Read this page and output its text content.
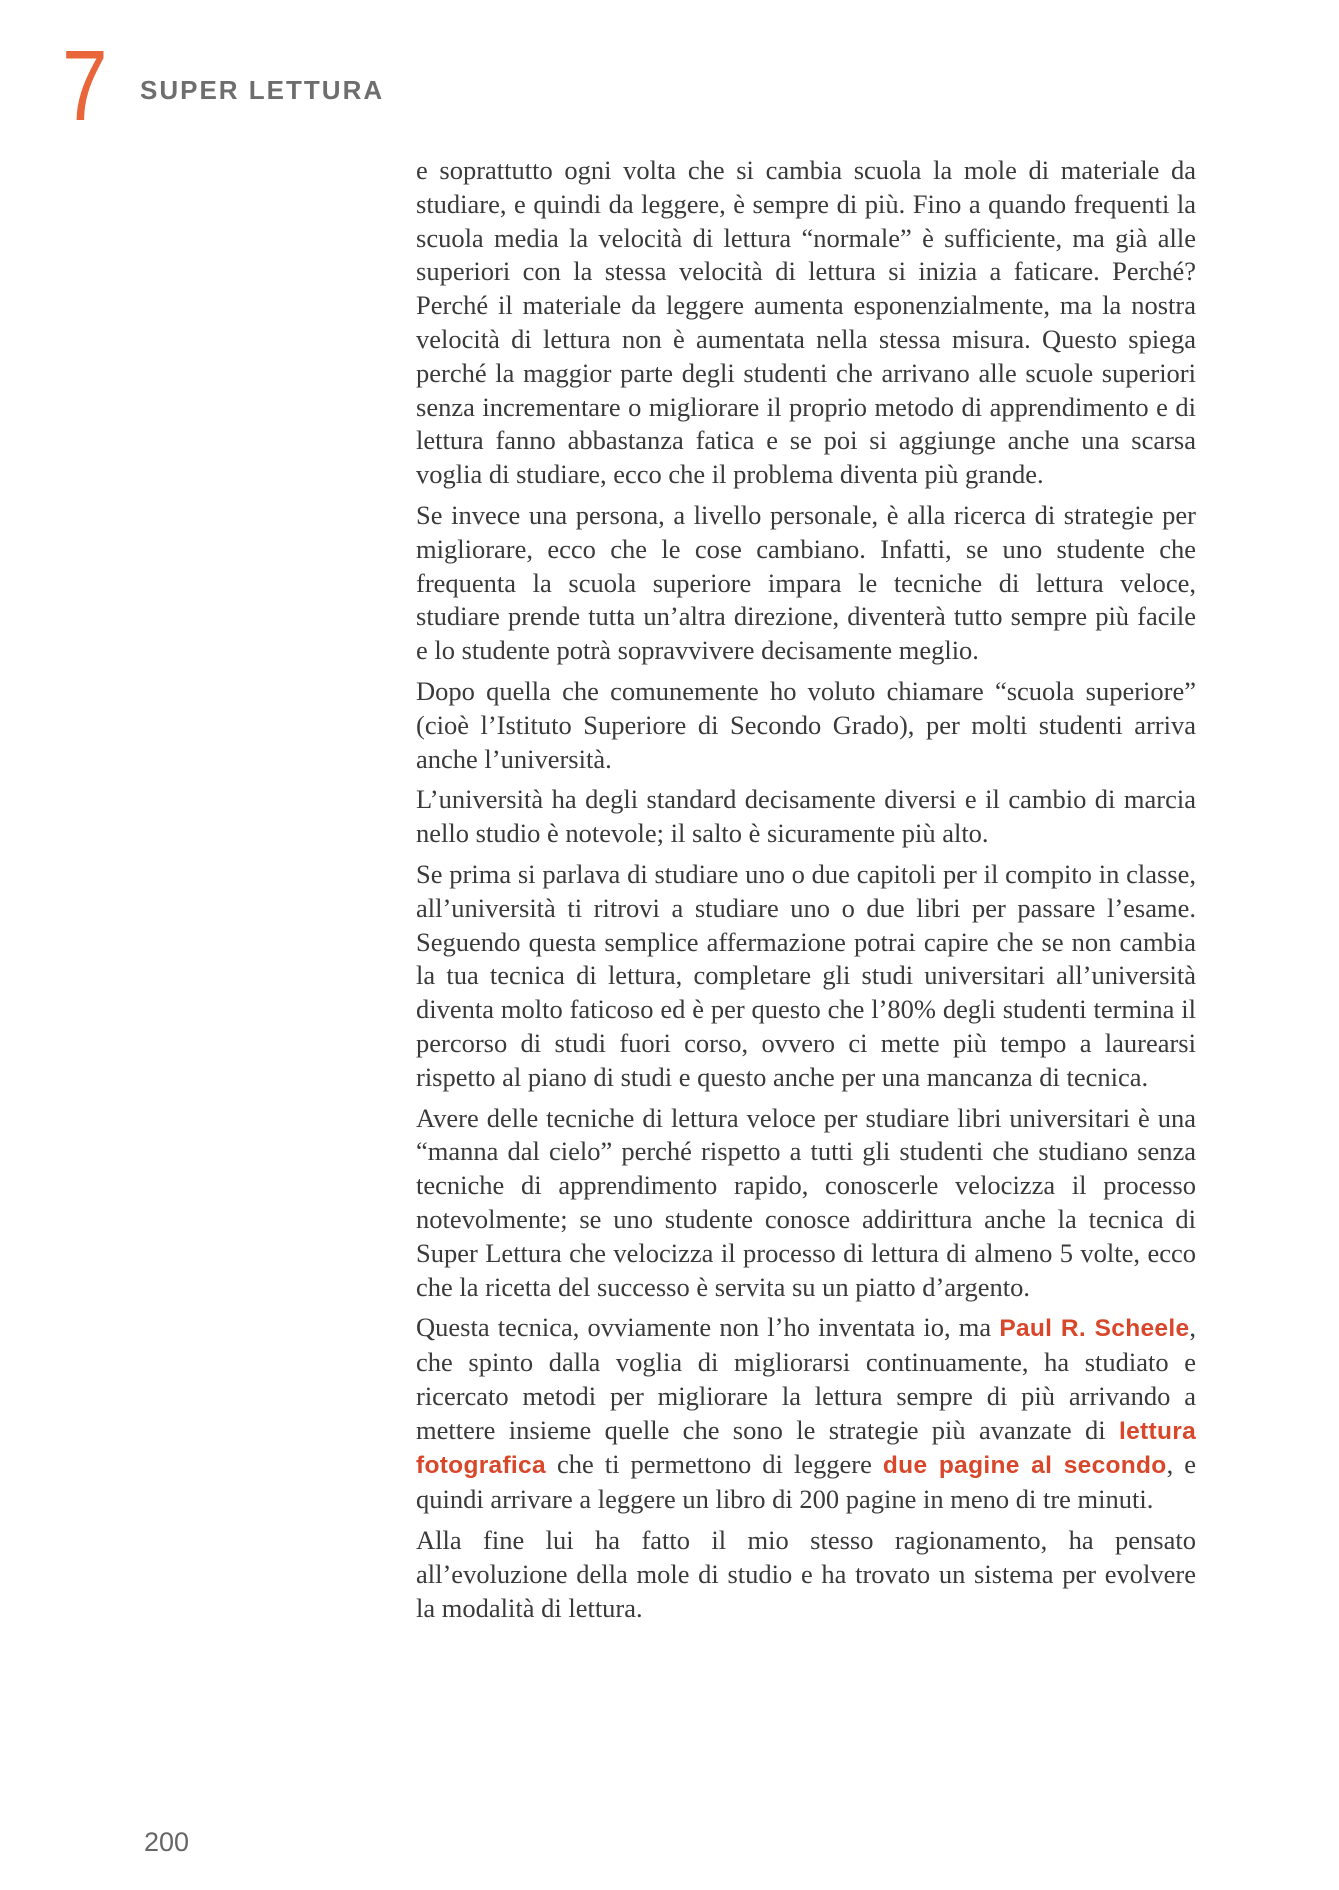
7 SUPER LETTURA

e soprattutto ogni volta che si cambia scuola la mole di materiale da studiare, e quindi da leggere, è sempre di più. Fino a quando frequenti la scuola media la velocità di lettura “normale” è sufficiente, ma già alle superiori con la stessa velocità di lettura si inizia a faticare. Perché? Perché il materiale da leggere aumenta esponenzialmente, ma la nostra velocità di lettura non è aumentata nella stessa misura. Questo spiega perché la maggior parte degli studenti che arrivano alle scuole superiori senza incrementare o migliorare il proprio metodo di apprendimento e di lettura fanno abbastanza fatica e se poi si aggiunge anche una scarsa voglia di studiare, ecco che il problema diventa più grande.

Se invece una persona, a livello personale, è alla ricerca di strategie per migliorare, ecco che le cose cambiano. Infatti, se uno studente che frequenta la scuola superiore impara le tecniche di lettura veloce, studiare prende tutta un’altra direzione, diventerà tutto sempre più facile e lo studente potrà sopravvivere decisamente meglio.

Dopo quella che comunemente ho voluto chiamare “scuola superiore” (cioè l’Istituto Superiore di Secondo Grado), per molti studenti arriva anche l’università.

L’università ha degli standard decisamente diversi e il cambio di marcia nello studio è notevole; il salto è sicuramente più alto.

Se prima si parlava di studiare uno o due capitoli per il compito in classe, all’università ti ritrovi a studiare uno o due libri per passare l’esame. Seguendo questa semplice affermazione potrai capire che se non cambia la tua tecnica di lettura, completare gli studi universitari all’università diventa molto faticoso ed è per questo che l’80% degli studenti termina il percorso di studi fuori corso, ovvero ci mette più tempo a laurearsi rispetto al piano di studi e questo anche per una mancanza di tecnica.

Avere delle tecniche di lettura veloce per studiare libri universitari è una “manna dal cielo” perché rispetto a tutti gli studenti che studiano senza tecniche di apprendimento rapido, conoscerle velocizza il processo notevolmente; se uno studente conosce addirittura anche la tecnica di Super Lettura che velocizza il processo di lettura di almeno 5 volte, ecco che la ricetta del successo è servita su un piatto d’argento.

Questa tecnica, ovviamente non l’ho inventata io, ma Paul R. Scheele, che spinto dalla voglia di migliorarsi continuamente, ha studiato e ricercato metodi per migliorare la lettura sempre di più arrivando a mettere insieme quelle che sono le strategie più avanzate di lettura fotografica che ti permettono di leggere due pagine al secondo, e quindi arrivare a leggere un libro di 200 pagine in meno di tre minuti.

Alla fine lui ha fatto il mio stesso ragionamento, ha pensato all’evoluzione della mole di studio e ha trovato un sistema per evolvere la modalità di lettura.

200
